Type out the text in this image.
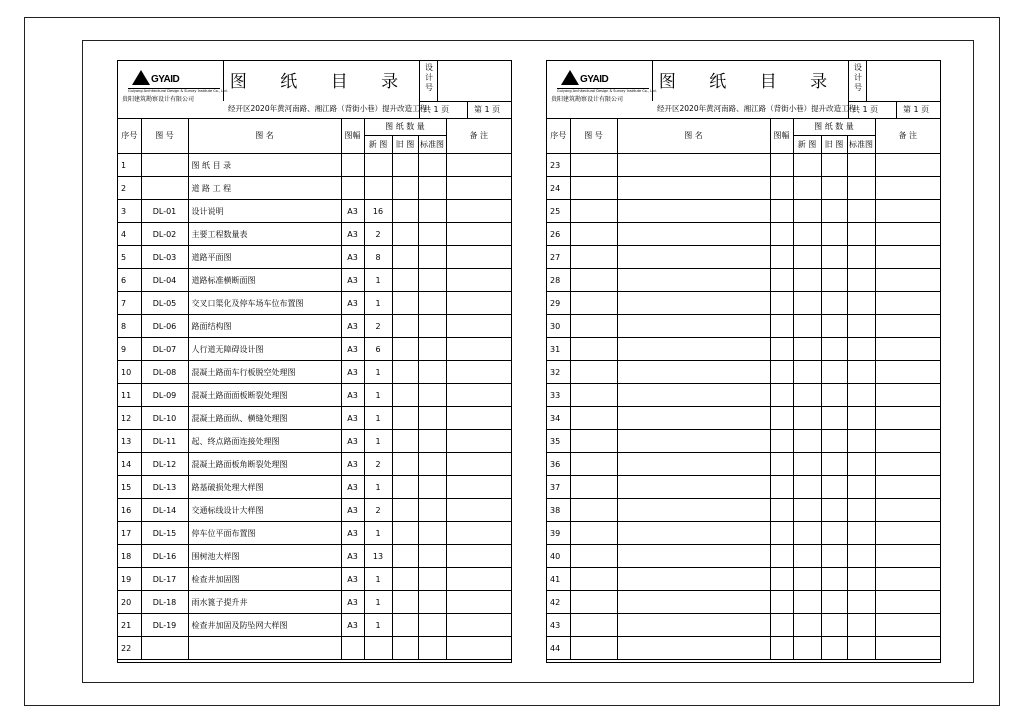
GYAID
Guiyang Architectural Design & Survey Institute Co., Ltd.
贵阳建筑勘察设计有限公司
图 纸 目 录
经开区2020年黄河南路、湘江路（背街小巷）提升改造工程
设计号
共 1 页	第 1 页
序号	图 号	图 名	图幅	图 纸 数 量			备 注
				新 图	旧 图	标准图	
1		图 纸 目 录					
2		道 路 工 程					
3	DL-01	设计说明	A3	16			
4	DL-02	主要工程数量表	A3	2			
5	DL-03	道路平面图	A3	8			
6	DL-04	道路标准横断面图	A3	1			
7	DL-05	交叉口渠化及停车场车位布置图	A3	1			
8	DL-06	路面结构图	A3	2			
9	DL-07	人行道无障碍设计图	A3	6			
10	DL-08	混凝土路面车行板脱空处理图	A3	1			
11	DL-09	混凝土路面面板断裂处理图	A3	1			
12	DL-10	混凝土路面纵、横缝处理图	A3	1			
13	DL-11	起、终点路面连接处理图	A3	1			
14	DL-12	混凝土路面板角断裂处理图	A3	2			
15	DL-13	路基破损处理大样图	A3	1			
16	DL-14	交通标线设计大样图	A3	2			
17	DL-15	停车位平面布置图	A3	1			
18	DL-16	围树池大样图	A3	13			
19	DL-17	检查井加固图	A3	1			
20	DL-18	雨水篦子提升井	A3	1			
21	DL-19	检查井加固及防坠网大样图	A3	1			
22							
GYAID
Guiyang Architectural Design & Survey Institute Co., Ltd.
贵阳建筑勘察设计有限公司
图 纸 目 录
经开区2020年黄河南路、湘江路（背街小巷）提升改造工程
设计号
共 1 页	第 1 页
序号	图 号	图 名	图幅	图 纸 数 量			备 注
				新 图	旧 图	标准图	
23							
24							
25							
26							
27							
28							
29							
30							
31							
32							
33							
34							
35							
36							
37							
38							
39							
40							
41							
42							
43							
44							
